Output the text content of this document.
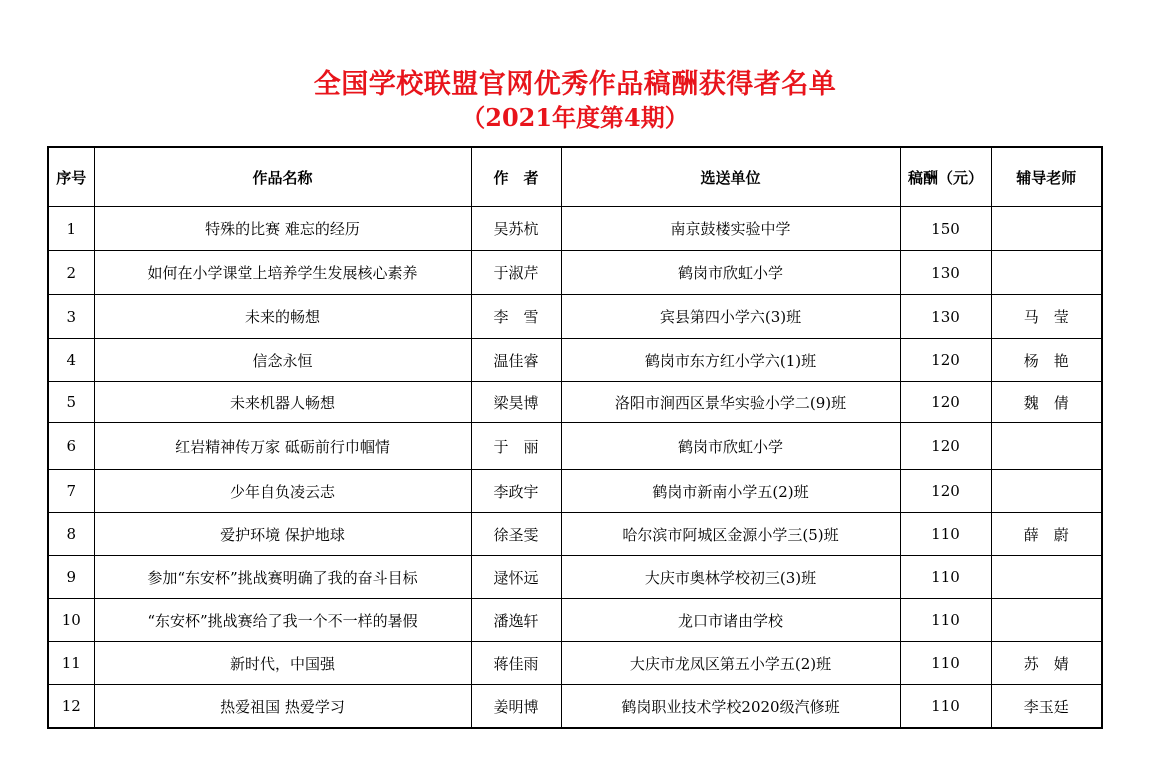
全国学校联盟官网优秀作品稿酬获得者名单
（2021年度第4期）
序号	作品名称	作　者	选送单位	稿酬（元）	辅导老师
1	特殊的比赛 难忘的经历	吴苏杭	南京鼓楼实验中学	150	
2	如何在小学课堂上培养学生发展核心素养	于淑芹	鹤岗市欣虹小学	130	
3	未来的畅想	李　雪	宾县第四小学六(3)班	130	马　莹
4	信念永恒	温佳睿	鹤岗市东方红小学六(1)班	120	杨　艳
5	未来机器人畅想	梁昊博	洛阳市涧西区景华实验小学二(9)班	120	魏　倩
6	红岩精神传万家 砥砺前行巾帼情	于　丽	鹤岗市欣虹小学	120	
7	少年自负凌云志	李政宇	鹤岗市新南小学五(2)班	120	
8	爱护环境 保护地球	徐圣雯	哈尔滨市阿城区金源小学三(5)班	110	薛　蔚
9	参加“东安杯”挑战赛明确了我的奋斗目标	逯怀远	大庆市奥林学校初三(3)班	110	
10	“东安杯”挑战赛给了我一个不一样的暑假	潘逸轩	龙口市诸由学校	110	
11	新时代，中国强	蒋佳雨	大庆市龙凤区第五小学五(2)班	110	苏　婧
12	热爱祖国 热爱学习	姜明博	鹤岗职业技术学校2020级汽修班	110	李玉廷
